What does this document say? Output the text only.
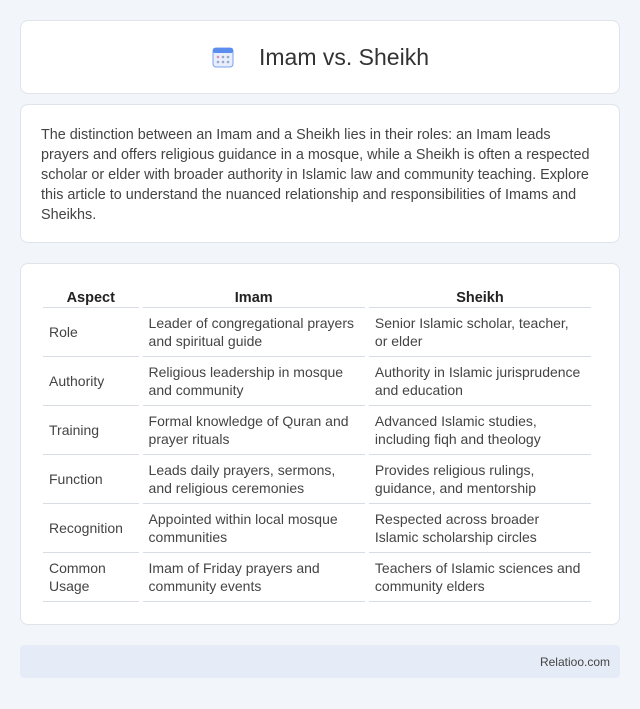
Imam vs. Sheikh

The distinction between an Imam and a Sheikh lies in their roles: an Imam leads prayers and offers religious guidance in a mosque, while a Sheikh is often a respected scholar or elder with broader authority in Islamic law and community teaching. Explore this article to understand the nuanced relationship and responsibilities of Imams and Sheikhs.

Aspect	Imam	Sheikh
Role	Leader of congregational prayers and spiritual guide	Senior Islamic scholar, teacher, or elder
Authority	Religious leadership in mosque and community	Authority in Islamic jurisprudence and education
Training	Formal knowledge of Quran and prayer rituals	Advanced Islamic studies, including fiqh and theology
Function	Leads daily prayers, sermons, and religious ceremonies	Provides religious rulings, guidance, and mentorship
Recognition	Appointed within local mosque communities	Respected across broader Islamic scholarship circles
Common Usage	Imam of Friday prayers and community events	Teachers of Islamic sciences and community elders
Relatioo.com
